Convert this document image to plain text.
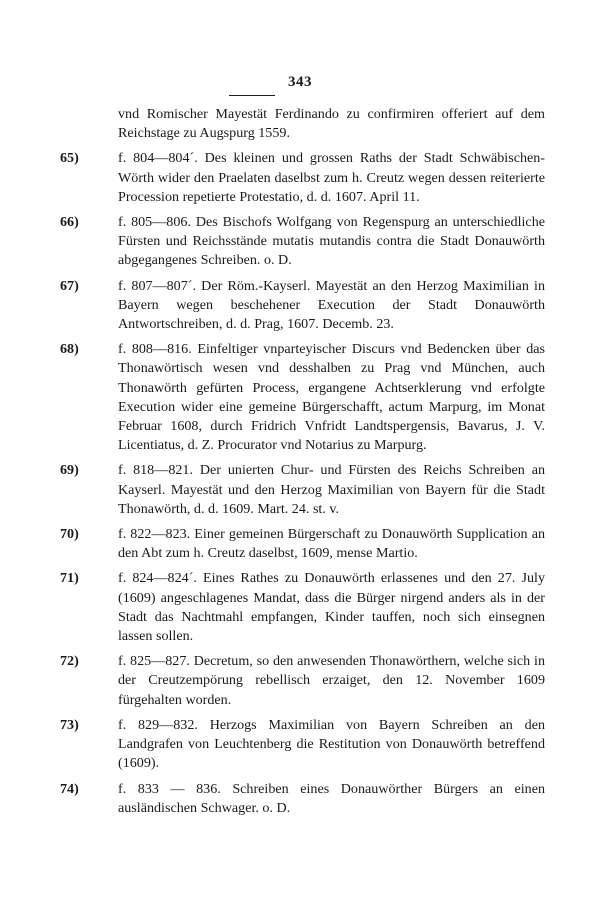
343
vnd Romischer Mayestät Ferdinando zu confirmiren offeriert auf dem Reichstage zu Augspurg 1559.
65)	f. 804—804´. Des kleinen und grossen Raths der Stadt Schwäbischen-Wörth wider den Praelaten daselbst zum h. Creutz wegen dessen reiterierte Procession repetierte Protestatio, d. d. 1607. April 11.
66)	f. 805—806. Des Bischofs Wolfgang von Regenspurg an unterschiedliche Fürsten und Reichsstände mutatis mutandis contra die Stadt Donauwörth abgegangenes Schreiben. o. D.
67)	f. 807—807´. Der Röm.-Kayserl. Mayestät an den Herzog Maximilian in Bayern wegen beschehener Execution der Stadt Donauwörth Antwortschreiben, d. d. Prag, 1607. Decemb. 23.
68)	f. 808—816. Einfeltiger vnparteyischer Discurs vnd Bedencken über das Thonawörtisch wesen vnd desshalben zu Prag vnd München, auch Thonawörth gefürten Process, ergangene Achtserklerung vnd erfolgte Execution wider eine gemeine Bürgerschafft, actum Marpurg, im Monat Februar 1608, durch Fridrich Vnfridt Landtspergensis, Bavarus, J. V. Licentiatus, d. Z. Procurator vnd Notarius zu Marpurg.
69)	f. 818—821. Der unierten Chur- und Fürsten des Reichs Schreiben an Kayserl. Mayestät und den Herzog Maximilian von Bayern für die Stadt Thonawörth, d. d. 1609. Mart. 24. st. v.
70)	f. 822—823. Einer gemeinen Bürgerschaft zu Donauwörth Supplication an den Abt zum h. Creutz daselbst, 1609, mense Martio.
71)	f. 824—824´. Eines Rathes zu Donauwörth erlassenes und den 27. July (1609) angeschlagenes Mandat, dass die Bürger nirgend anders als in der Stadt das Nachtmahl empfangen, Kinder tauffen, noch sich einsegnen lassen sollen.
72)	f. 825—827. Decretum, so den anwesenden Thonawörthern, welche sich in der Creutzempörung rebellisch erzaiget, den 12. November 1609 fürgehalten worden.
73)	f. 829—832. Herzogs Maximilian von Bayern Schreiben an den Landgrafen von Leuchtenberg die Restitution von Donauwörth betreffend (1609).
74)	f. 833 — 836. Schreiben eines Donauwörther Bürgers an einen ausländischen Schwager. o. D.
